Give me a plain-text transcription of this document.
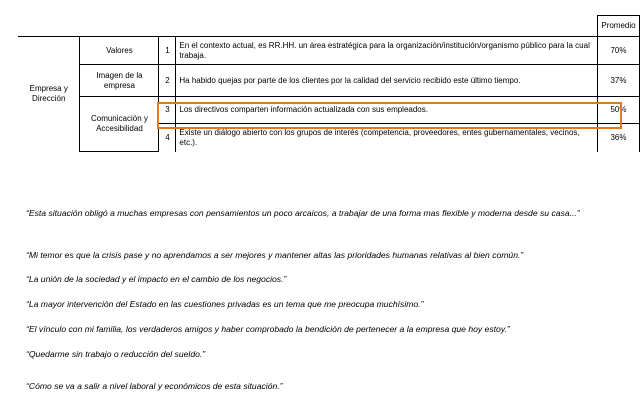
				Promedio
Empresa y Dirección	Valores	1	En el contexto actual, es RR.HH. un área estratégica para la organización/institución/organismo público para la cual trabaja.	70%
	Imagen de la empresa	2	Ha habido quejas por parte de los clientes por la calidad del servicio recibido este último tiempo.	37%
	Comunicación y Accesibilidad	3	Los directivos comparten información actualizada con sus empleados.	50%
		4	Existe un diálogo abierto con los grupos de interés (competencia, proveedores, entes gubernamentales, vecinos, etc.).	36%

“Esta situación obligó a muchas empresas con pensamientos un poco arcaicos, a trabajar de una forma mas flexible y moderna desde su casa...”

“Mi temor es que la crisis pase y no aprendamos a ser mejores y mantener altas las prioridades humanas relativas al bien común.”

“La unión de la sociedad y el impacto en el cambio de los negocios.”

“La mayor intervención del Estado en las cuestiones privadas es un tema que me preocupa muchísimo.”

“El vínculo con mi familia, los verdaderos amigos y haber comprobado la bendición de pertenecer a la empresa que hoy estoy.”

“Quedarme sin trabajo o reducción del sueldo.”

“Cómo se va a salir a nivel laboral y económicos de esta situación.”
